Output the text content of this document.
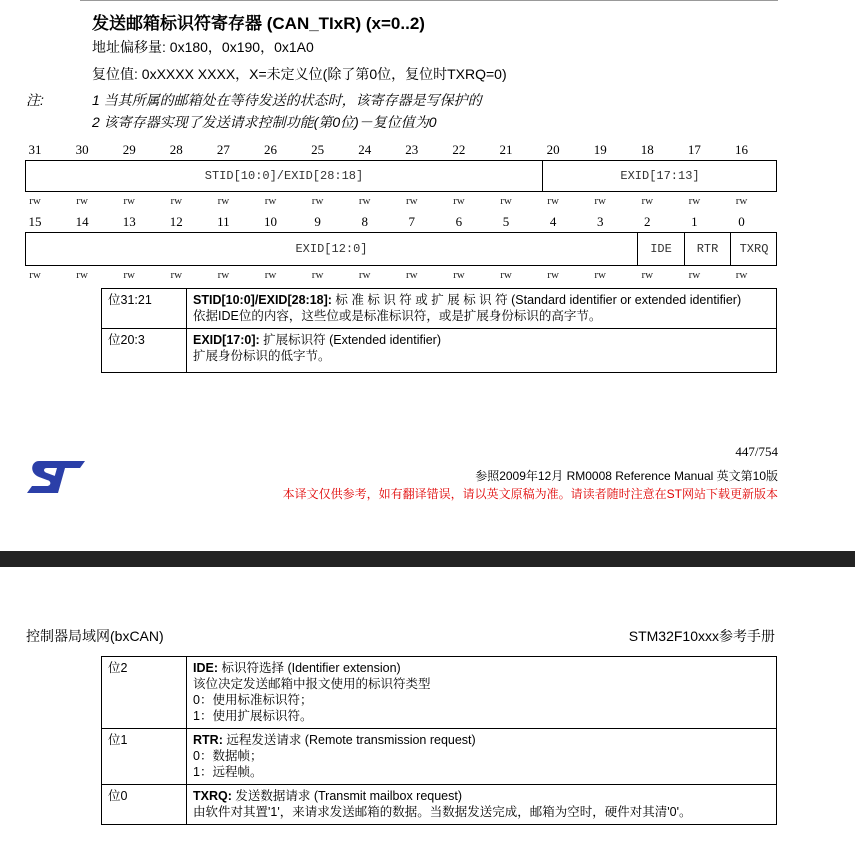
发送邮箱标识符寄存器 (CAN_TIxR) (x=0..2)
地址偏移量: 0x180，0x190，0x1A0
复位值: 0xXXXX XXXX，X=未定义位(除了第0位，复位时TXRQ=0)
注:	1 当其所属的邮箱处在等待发送的状态时，该寄存器是写保护的
2 该寄存器实现了发送请求控制功能(第0位)－复位值为0
31	30	29	28	27	26	25	24	23	22	21	20	19	18	17	16
STID[10:0]/EXID[28:18]	EXID[17:13]
rw	rw	rw	rw	rw	rw	rw	rw	rw	rw	rw	rw	rw	rw	rw	rw
15	14	13	12	11	10	9	8	7	6	5	4	3	2	1	0
EXID[12:0]	IDE	RTR	TXRQ
rw	rw	rw	rw	rw	rw	rw	rw	rw	rw	rw	rw	rw	rw	rw	rw
位31:21	STID[10:0]/EXID[28:18]: 标 准 标 识 符 或 扩 展 标 识 符 (Standard identifier or extended identifier)
依据IDE位的内容，这些位或是标准标识符，或是扩展身份标识的高字节。
位20:3	EXID[17:0]: 扩展标识符 (Extended identifier)
扩展身份标识的低字节。
447/754
参照2009年12月 RM0008 Reference Manual 英文第10版
本译文仅供参考，如有翻译错误，请以英文原稿为准。请读者随时注意在ST网站下载更新版本
控制器局域网(bxCAN)	STM32F10xxx参考手册
位2	IDE: 标识符选择 (Identifier extension)
该位决定发送邮箱中报文使用的标识符类型
0：使用标准标识符；
1：使用扩展标识符。
位1	RTR: 远程发送请求 (Remote transmission request)
0：数据帧；
1：远程帧。
位0	TXRQ: 发送数据请求 (Transmit mailbox request)
由软件对其置'1'，来请求发送邮箱的数据。当数据发送完成，邮箱为空时，硬件对其清'0'。
